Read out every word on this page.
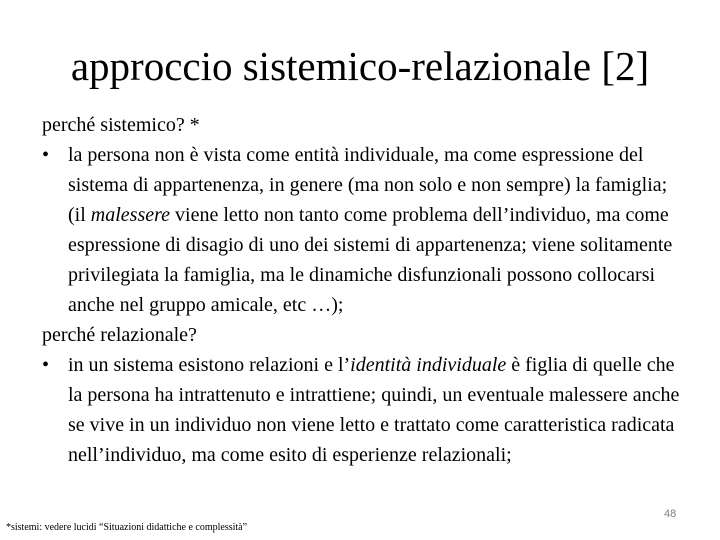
approccio sistemico-relazionale [2]

perché sistemico? *

• la persona non è vista come entità individuale, ma come espressione del sistema di appartenenza, in genere (ma non solo e non sempre) la famiglia; (il malessere viene letto non tanto come problema dell’individuo, ma come espressione di disagio di uno dei sistemi di appartenenza; viene solitamente privilegiata la famiglia, ma le dinamiche disfunzionali possono collocarsi anche nel gruppo amicale, etc …);

perché relazionale?

• in un sistema esistono relazioni e l’identità individuale è figlia di quelle che la persona ha intrattenuto e intrattiene; quindi, un eventuale malessere anche se vive in un individuo non viene letto e trattato come caratteristica radicata nell’individuo, ma come esito di esperienze relazionali;
48
*sistemi: vedere lucidi “Situazioni didattiche e complessità”
